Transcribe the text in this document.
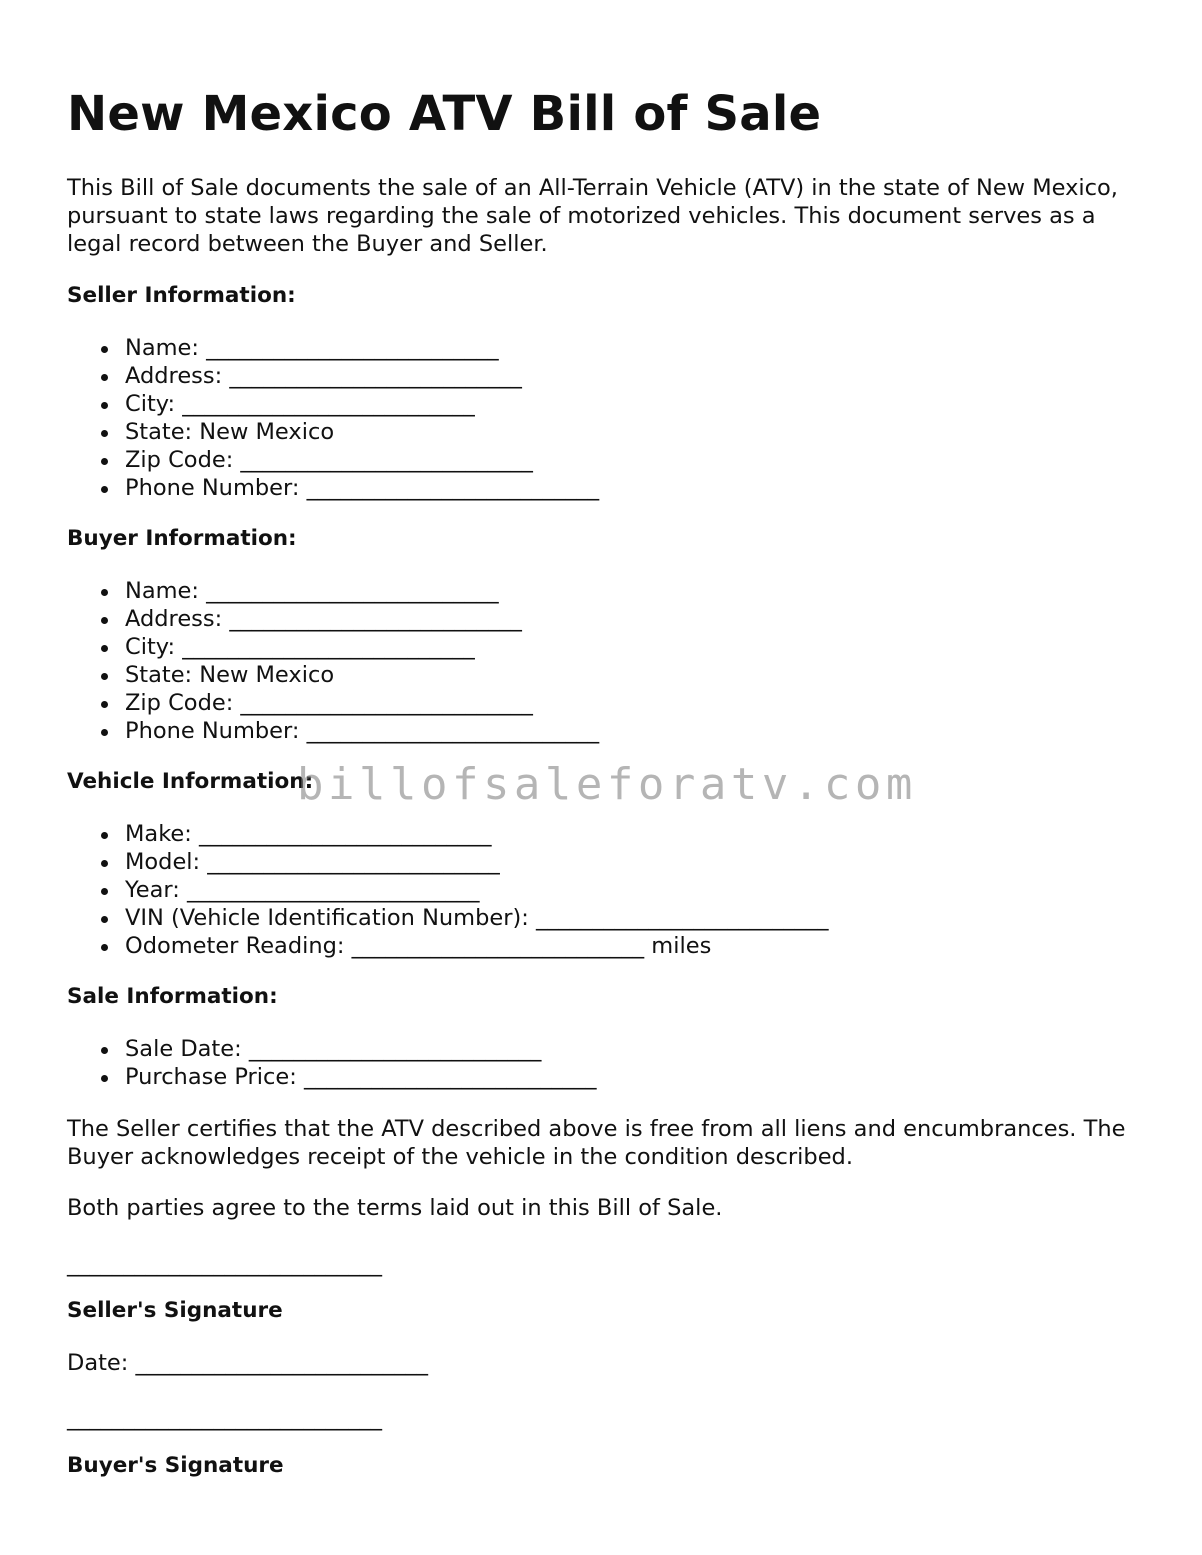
New Mexico ATV Bill of Sale

This Bill of Sale documents the sale of an All-Terrain Vehicle (ATV) in the state of New Mexico, pursuant to state laws regarding the sale of motorized vehicles. This document serves as a legal record between the Buyer and Seller.

Seller Information:

Name: __________________________
Address: __________________________
City: __________________________
State: New Mexico
Zip Code: __________________________
Phone Number: __________________________

Buyer Information:

Name: __________________________
Address: __________________________
City: __________________________
State: New Mexico
Zip Code: __________________________
Phone Number: __________________________

Vehicle Information:

Make: __________________________
Model: __________________________
Year: __________________________
VIN (Vehicle Identification Number): __________________________
Odometer Reading: __________________________ miles

Sale Information:

Sale Date: __________________________
Purchase Price: __________________________

The Seller certifies that the ATV described above is free from all liens and encumbrances. The Buyer acknowledges receipt of the vehicle in the condition described.

Both parties agree to the terms laid out in this Bill of Sale.

____________________________

Seller's Signature

Date: __________________________
____________________________

Buyer's Signature

billofsaleforatv.com
